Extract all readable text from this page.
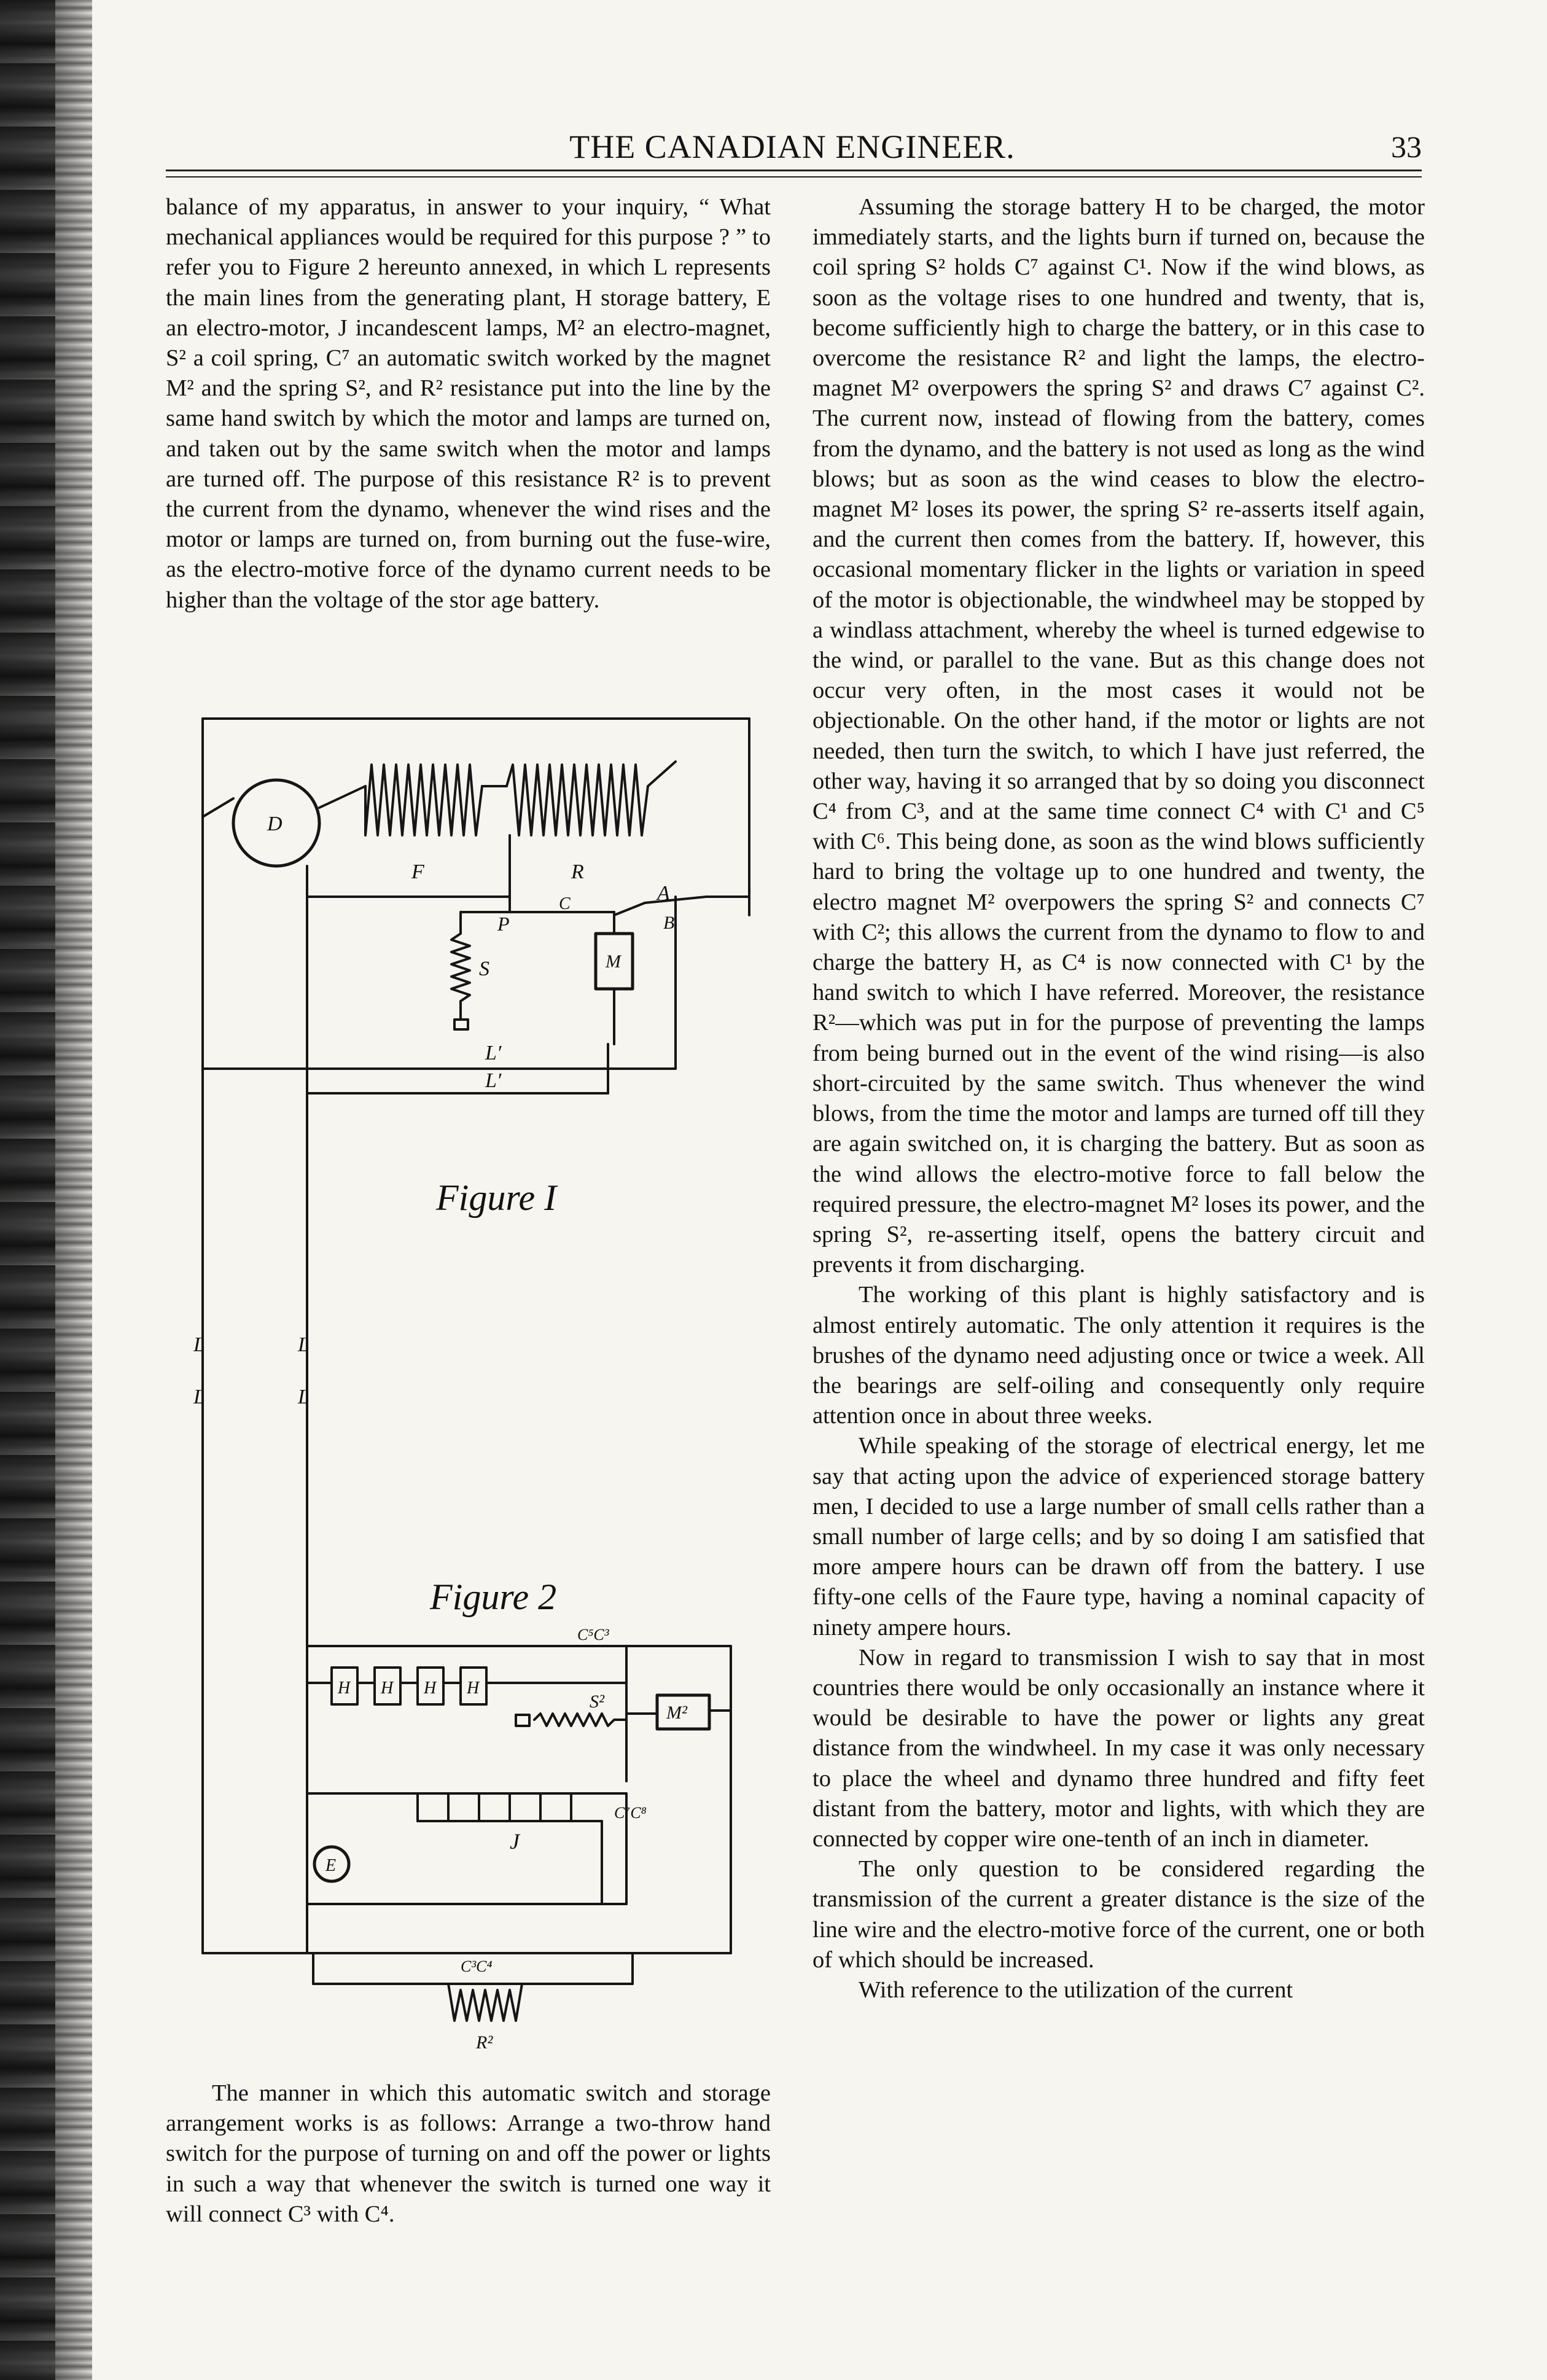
THE CANADIAN ENGINEER.	33

balance of my apparatus, in answer to your inquiry, “ What mechanical appliances would be required for this purpose ? ” to refer you to Figure 2 hereunto annexed, in which L represents the main lines from the generating plant, H storage battery, E an electro-motor, J incandescent lamps, M² an electro-magnet, S² a coil spring, C⁷ an automatic switch worked by the magnet M² and the spring S², and R² resistance put into the line by the same hand switch by which the motor and lamps are turned on, and taken out by the same switch when the motor and lamps are turned off. The purpose of this resistance R² is to prevent the current from the dynamo, whenever the wind rises and the motor or lamps are turned on, from burning out the fuse-wire, as the electro-motive force of the dynamo current needs to be higher than the voltage of the stor age battery.

D
F	R
S
P
C	A
B
M
L′
L′
Figure I
L	L
L	L
Figure 2
H H H H
C⁵C³
S²
M²
J
C⁷C⁸
E
C³C⁴
R²

The manner in which this automatic switch and storage arrangement works is as follows: Arrange a two-throw hand switch for the purpose of turning on and off the power or lights in such a way that whenever the switch is turned one way it will connect C³ with C⁴.

Assuming the storage battery H to be charged, the motor immediately starts, and the lights burn if turned on, because the coil spring S² holds C⁷ against C¹. Now if the wind blows, as soon as the voltage rises to one hundred and twenty, that is, become sufficiently high to charge the battery, or in this case to overcome the resistance R² and light the lamps, the electro-magnet M² overpowers the spring S² and draws C⁷ against C². The current now, instead of flowing from the battery, comes from the dynamo, and the battery is not used as long as the wind blows; but as soon as the wind ceases to blow the electro-magnet M² loses its power, the spring S² re-asserts itself again, and the current then comes from the battery. If, however, this occasional momentary flicker in the lights or variation in speed of the motor is objectionable, the windwheel may be stopped by a windlass attachment, whereby the wheel is turned edgewise to the wind, or parallel to the vane. But as this change does not occur very often, in the most cases it would not be objectionable. On the other hand, if the motor or lights are not needed, then turn the switch, to which I have just referred, the other way, having it so arranged that by so doing you disconnect C⁴ from C³, and at the same time connect C⁴ with C¹ and C⁵ with C⁶. This being done, as soon as the wind blows sufficiently hard to bring the voltage up to one hundred and twenty, the electro magnet M² overpowers the spring S² and connects C⁷ with C²; this allows the current from the dynamo to flow to and charge the battery H, as C⁴ is now connected with C¹ by the hand switch to which I have referred. Moreover, the resistance R²—which was put in for the purpose of preventing the lamps from being burned out in the event of the wind rising—is also short-circuited by the same switch. Thus whenever the wind blows, from the time the motor and lamps are turned off till they are again switched on, it is charging the battery. But as soon as the wind allows the electro-motive force to fall below the required pressure, the electro-magnet M² loses its power, and the spring S², re-asserting itself, opens the battery circuit and prevents it from discharging.

The working of this plant is highly satisfactory and is almost entirely automatic. The only attention it requires is the brushes of the dynamo need adjusting once or twice a week. All the bearings are self-oiling and consequently only require attention once in about three weeks.

While speaking of the storage of electrical energy, let me say that acting upon the advice of experienced storage battery men, I decided to use a large number of small cells rather than a small number of large cells; and by so doing I am satisfied that more ampere hours can be drawn off from the battery. I use fifty-one cells of the Faure type, having a nominal capacity of ninety ampere hours.

Now in regard to transmission I wish to say that in most countries there would be only occasionally an instance where it would be desirable to have the power or lights any great distance from the windwheel. In my case it was only necessary to place the wheel and dynamo three hundred and fifty feet distant from the battery, motor and lights, with which they are connected by copper wire one-tenth of an inch in diameter.

The only question to be considered regarding the transmission of the current a greater distance is the size of the line wire and the electro-motive force of the current, one or both of which should be increased.

With reference to the utilization of the current
